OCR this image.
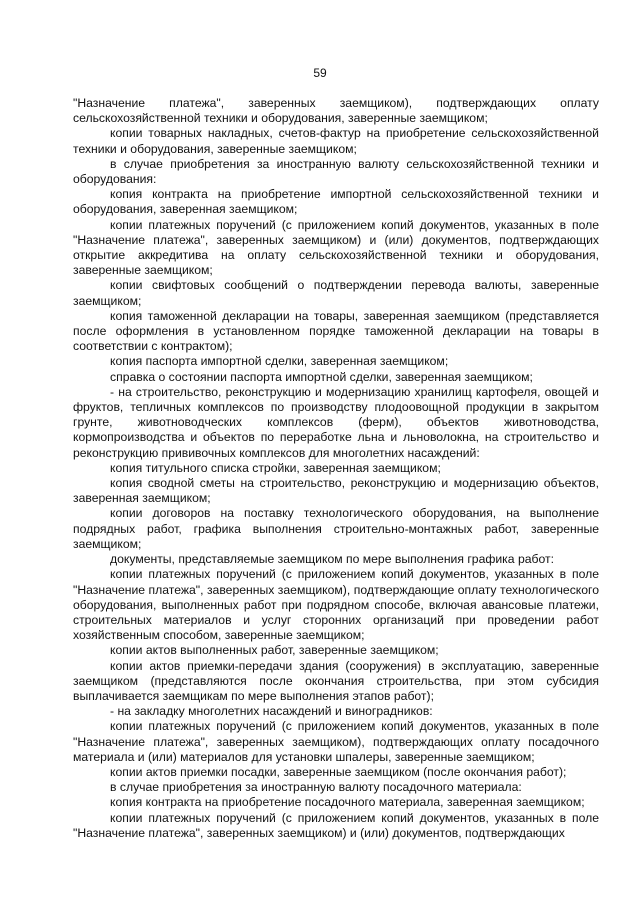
59

"Назначение платежа", заверенных заемщиком), подтверждающих оплату сельскохозяйственной техники и оборудования, заверенные заемщиком;

копии товарных накладных, счетов-фактур на приобретение сельскохозяйственной техники и оборудования, заверенные заемщиком;

в случае приобретения за иностранную валюту сельскохозяйственной техники и оборудования:

копия контракта на приобретение импортной сельскохозяйственной техники и оборудования, заверенная заемщиком;

копии платежных поручений (с приложением копий документов, указанных в поле "Назначение платежа", заверенных заемщиком) и (или) документов, подтверждающих открытие аккредитива на оплату сельскохозяйственной техники и оборудования, заверенные заемщиком;

копии свифтовых сообщений о подтверждении перевода валюты, заверенные заемщиком;

копия таможенной декларации на товары, заверенная заемщиком (представляется после оформления в установленном порядке таможенной декларации на товары в соответствии с контрактом);

копия паспорта импортной сделки, заверенная заемщиком;

справка о состоянии паспорта импортной сделки, заверенная заемщиком;

- на строительство, реконструкцию и модернизацию хранилищ картофеля, овощей и фруктов, тепличных комплексов по производству плодоовощной продукции в закрытом грунте, животноводческих комплексов (ферм), объектов животноводства, кормопроизводства и объектов по переработке льна и льноволокна, на строительство и реконструкцию прививочных комплексов для многолетних насаждений:

копия титульного списка стройки, заверенная заемщиком;

копия сводной сметы на строительство, реконструкцию и модернизацию объектов, заверенная заемщиком;

копии договоров на поставку технологического оборудования, на выполнение подрядных работ, графика выполнения строительно-монтажных работ, заверенные заемщиком;

документы, представляемые заемщиком по мере выполнения графика работ:

копии платежных поручений (с приложением копий документов, указанных в поле "Назначение платежа", заверенных заемщиком), подтверждающие оплату технологического оборудования, выполненных работ при подрядном способе, включая авансовые платежи, строительных материалов и услуг сторонних организаций при проведении работ хозяйственным способом, заверенные заемщиком;

копии актов выполненных работ, заверенные заемщиком;

копии актов приемки-передачи здания (сооружения) в эксплуатацию, заверенные заемщиком (представляются после окончания строительства, при этом субсидия выплачивается заемщикам по мере выполнения этапов работ);

- на закладку многолетних насаждений и виноградников:

копии платежных поручений (с приложением копий документов, указанных в поле "Назначение платежа", заверенных заемщиком), подтверждающих оплату посадочного материала и (или) материалов для установки шпалеры, заверенные заемщиком;

копии актов приемки посадки, заверенные заемщиком (после окончания работ);

в случае приобретения за иностранную валюту посадочного материала:

копия контракта на приобретение посадочного материала, заверенная заемщиком;

копии платежных поручений (с приложением копий документов, указанных в поле "Назначение платежа", заверенных заемщиком) и (или) документов, подтверждающих
